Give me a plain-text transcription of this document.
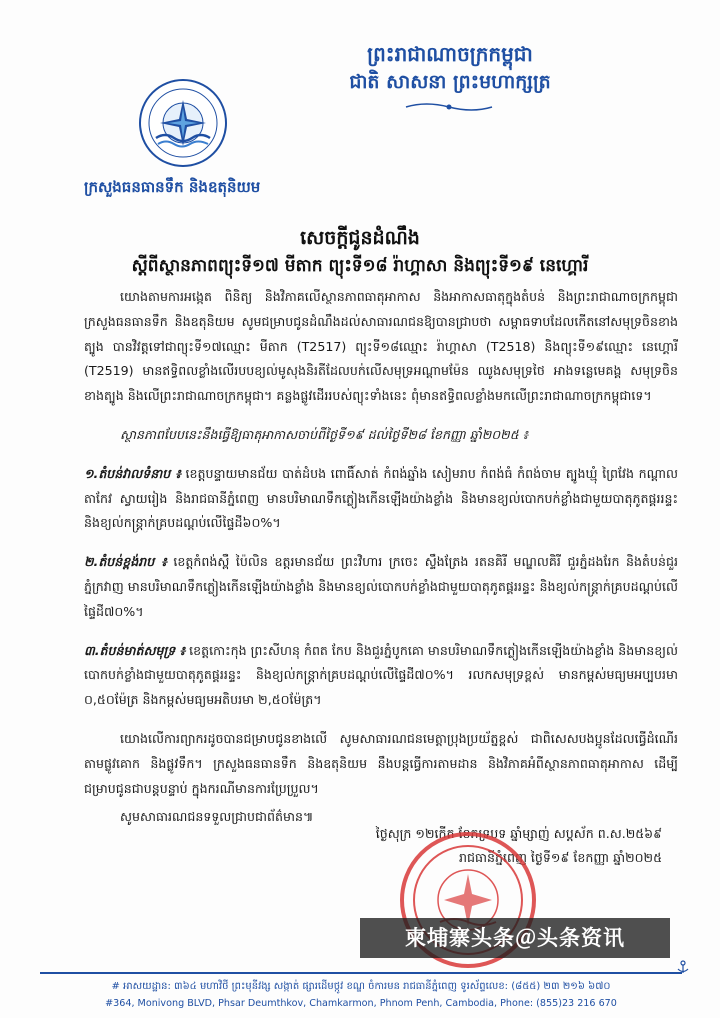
ព្រះរាជាណាចក្រកម្ពុជា
ជាតិ សាសនា ព្រះមហាក្សត្រ
ក្រសួងធនធានទឹក និងឧតុនិយម
សេចក្តីជូនដំណឹង
ស្តីពីស្ថានភាពព្យុះទី១៧ មីតាក ព្យុះទី១៨ រ៉ាហ្គាសា និងព្យុះទី១៩ នេហ្គោរី

យោងតាមការអង្កេត ពិនិត្យ និងវិភាគលើស្ថានភាពធាតុអាកាស និងអាកាសធាតុក្នុងតំបន់ និងព្រះរាជាណាចក្រកម្ពុជា ក្រសួងធនធានទឹក និងឧតុនិយម សូមជម្រាបជូនដំណឹងដល់សាធារណជនឱ្យបានជ្រាបថា សម្ពាធទាបដែលកើតនៅសមុទ្រចិនខាងត្បូង បានវិវត្តទៅជាព្យុះទី១៧ឈ្មោះ មីតាក (T2517) ព្យុះទី១៨ឈ្មោះ រ៉ាហ្គាសា (T2518) និងព្យុះទី១៩ឈ្មោះ នេហ្គោរី (T2519) មានឥទ្ធិពលខ្លាំងលើរបបខ្យល់មូសុងនិរតីដែលបក់លើសមុទ្រអណ្តាមម៉ែន ឈូងសមុទ្រថៃ អាងទន្លេមេគង្គ សមុទ្រចិនខាងត្បូង និងលើព្រះរាជាណាចក្រកម្ពុជា។ គន្លងផ្លូវដើររបស់ព្យុះទាំងនេះ ពុំមានឥទ្ធិពលខ្លាំងមកលើព្រះរាជាណាចក្រកម្ពុជាទេ។

ស្ថានភាពបែបនេះនឹងធ្វើឱ្យធាតុអាកាសចាប់ពីថ្ងៃទី១៩ ដល់ថ្ងៃទី២៨ ខែកញ្ញា ឆ្នាំ២០២៥ ៖

១.តំបន់វាលទំនាប ៖ ខេត្តបន្ទាយមានជ័យ បាត់ដំបង ពោធិ៍សាត់ កំពង់ឆ្នាំង សៀមរាប កំពង់ធំ កំពង់ចាម ត្បូងឃ្មុំ ព្រៃវែង កណ្តាល តាកែវ ស្វាយរៀង និងរាជធានីភ្នំពេញ មានបរិមាណទឹកភ្លៀងកើនឡើងយ៉ាងខ្លាំង និងមានខ្យល់បោកបក់ខ្លាំងជាមួយបាតុភូតផ្គររន្ទះ និងខ្យល់កន្ត្រាក់គ្របដណ្តប់លើផ្ទៃដី៦០%។

២.តំបន់ខ្ពង់រាប ៖ ខេត្តកំពង់ស្ពឺ ប៉ៃលិន ឧត្តរមានជ័យ ព្រះវិហារ ក្រចេះ ស្ទឹងត្រែង រតនគិរី មណ្ឌលគិរី ជួរភ្នំដងរែក និងតំបន់ជួរភ្នំក្រវាញ មានបរិមាណទឹកភ្លៀងកើនឡើងយ៉ាងខ្លាំង និងមានខ្យល់បោកបក់ខ្លាំងជាមួយបាតុភូតផ្គររន្ទះ និងខ្យល់កន្ត្រាក់គ្របដណ្តប់លើផ្ទៃដី៧០%។

៣.តំបន់មាត់សមុទ្រ ៖ ខេត្តកោះកុង ព្រះសីហនុ កំពត កែប និងជួរភ្នំបូកគោ មានបរិមាណទឹកភ្លៀងកើនឡើងយ៉ាងខ្លាំង និងមានខ្យល់បោកបក់ខ្លាំងជាមួយបាតុភូតផ្គររន្ទះ និងខ្យល់កន្ត្រាក់គ្របដណ្តប់លើផ្ទៃដី៧០%។ រលកសមុទ្រខ្ពស់ មានកម្ពស់មធ្យមអប្បបរមា ០,៥០ម៉ែត្រ និងកម្ពស់មធ្យមអតិបរមា ២,៥០ម៉ែត្រ។

យោងលើការព្យាករដូចបានជម្រាបជូនខាងលើ សូមសាធារណជនមេត្តាប្រុងប្រយ័ត្នខ្ពស់ ជាពិសេសបងប្អូនដែលធ្វើដំណើរតាមផ្លូវគោក និងផ្លូវទឹក។ ក្រសួងធនធានទឹក និងឧតុនិយម នឹងបន្តធ្វើការតាមដាន និងវិភាគអំពីស្ថានភាពធាតុអាកាស ដើម្បីជម្រាបជូនជាបន្តបន្ទាប់ ក្នុងករណីមានការប្រែប្រួល។

សូមសាធារណជនទទួលជ្រាបជាព័ត៌មាន៕

ថ្ងៃសុក្រ ១២កើត ខែភទ្របទ ឆ្នាំម្សាញ់ សប្តស័ក ព.ស.២៥៦៩
រាជធានីភ្នំពេញ ថ្ងៃទី១៩ ខែកញ្ញា ឆ្នាំ២០២៥
柬埔寨头条＠头条资讯
# អាសយដ្ឋាន: ៣៦៤ មហាវិថី ព្រះមុនីវង្ស សង្កាត់ ផ្សារដើមថ្កូវ ខណ្ឌ ចំការមន រាជធានីភ្នំពេញ ទូរស័ព្ទលេខ: (៨៥៥) ២៣ ២១៦ ៦៧០
#364, Monivong BLVD, Phsar Deumthkov, Chamkarmon, Phnom Penh, Cambodia, Phone: (855)23 216 670
